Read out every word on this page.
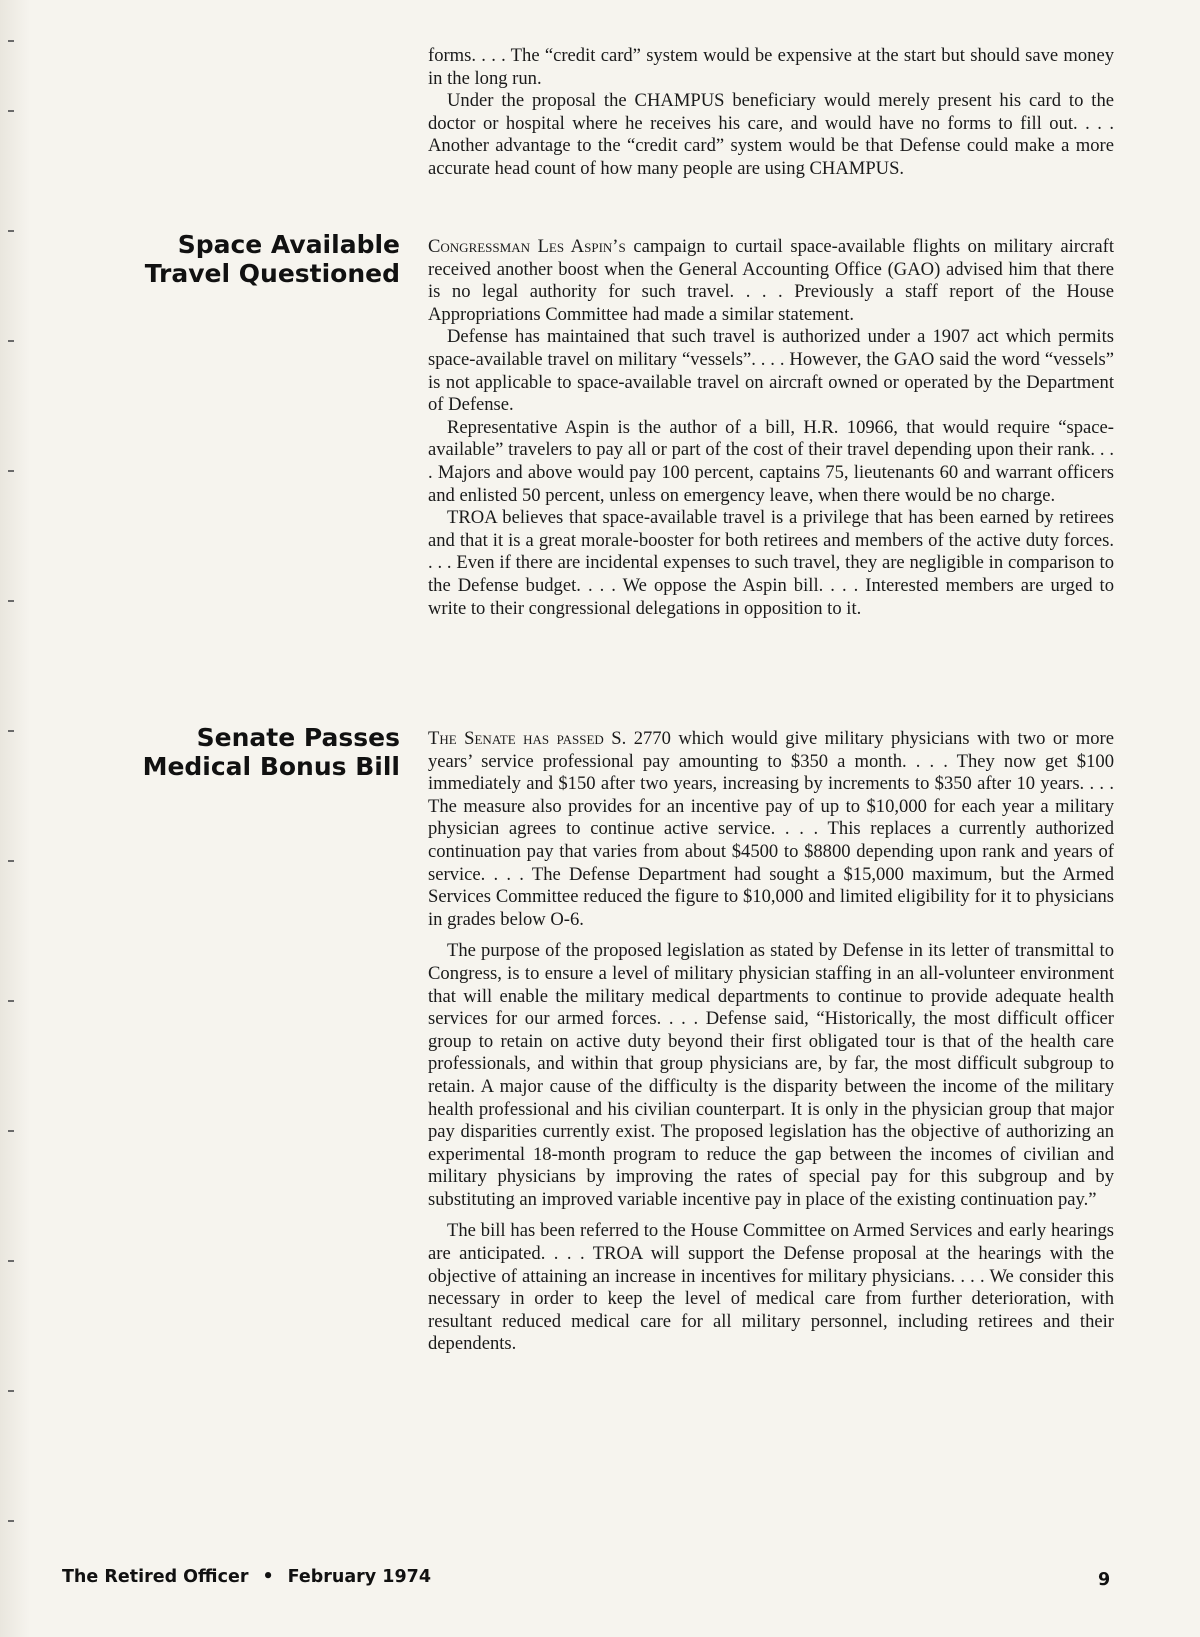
forms. . . . The “credit card” system would be expensive at the start but should save money in the long run.

Under the proposal the CHAMPUS beneficiary would merely present his card to the doctor or hospital where he receives his care, and would have no forms to fill out. . . . Another advantage to the “credit card” system would be that Defense could make a more accurate head count of how many people are using CHAMPUS.

Space Available
Travel Questioned

Congressman Les Aspin’s campaign to curtail space-available flights on military aircraft received another boost when the General Accounting Office (GAO) advised him that there is no legal authority for such travel. . . . Previously a staff report of the House Appropriations Committee had made a similar statement.

Defense has maintained that such travel is authorized under a 1907 act which permits space-available travel on military “vessels”. . . . However, the GAO said the word “vessels” is not applicable to space-available travel on aircraft owned or operated by the Department of Defense.

Representative Aspin is the author of a bill, H.R. 10966, that would require “space-available” travelers to pay all or part of the cost of their travel depending upon their rank. . . . Majors and above would pay 100 percent, captains 75, lieutenants 60 and warrant officers and enlisted 50 percent, unless on emergency leave, when there would be no charge.

TROA believes that space-available travel is a privilege that has been earned by retirees and that it is a great morale-booster for both retirees and members of the active duty forces. . . . Even if there are incidental expenses to such travel, they are negligible in comparison to the Defense budget. . . . We oppose the Aspin bill. . . . Interested members are urged to write to their congressional delegations in opposition to it.

Senate Passes
Medical Bonus Bill

The Senate has passed S. 2770 which would give military physicians with two or more years’ service professional pay amounting to $350 a month. . . . They now get $100 immediately and $150 after two years, increasing by increments to $350 after 10 years. . . . The measure also provides for an incentive pay of up to $10,000 for each year a military physician agrees to continue active service. . . . This replaces a currently authorized continuation pay that varies from about $4500 to $8800 depending upon rank and years of service. . . . The Defense Department had sought a $15,000 maximum, but the Armed Services Committee reduced the figure to $10,000 and limited eligibility for it to physicians in grades below O-6.

The purpose of the proposed legislation as stated by Defense in its letter of transmittal to Congress, is to ensure a level of military physician staffing in an all-volunteer environment that will enable the military medical departments to continue to provide adequate health services for our armed forces. . . . Defense said, “Historically, the most difficult officer group to retain on active duty beyond their first obligated tour is that of the health care professionals, and within that group physicians are, by far, the most difficult subgroup to retain. A major cause of the difficulty is the disparity between the income of the military health professional and his civilian counterpart. It is only in the physician group that major pay disparities currently exist. The proposed legislation has the objective of authorizing an experimental 18-month program to reduce the gap between the incomes of civilian and military physicians by improving the rates of special pay for this subgroup and by substituting an improved variable incentive pay in place of the existing continuation pay.”

The bill has been referred to the House Committee on Armed Services and early hearings are anticipated. . . . TROA will support the Defense proposal at the hearings with the objective of attaining an increase in incentives for military physicians. . . . We consider this necessary in order to keep the level of medical care from further deterioration, with resultant reduced medical care for all military personnel, including retirees and their dependents.

The Retired Officer • February 1974	9
